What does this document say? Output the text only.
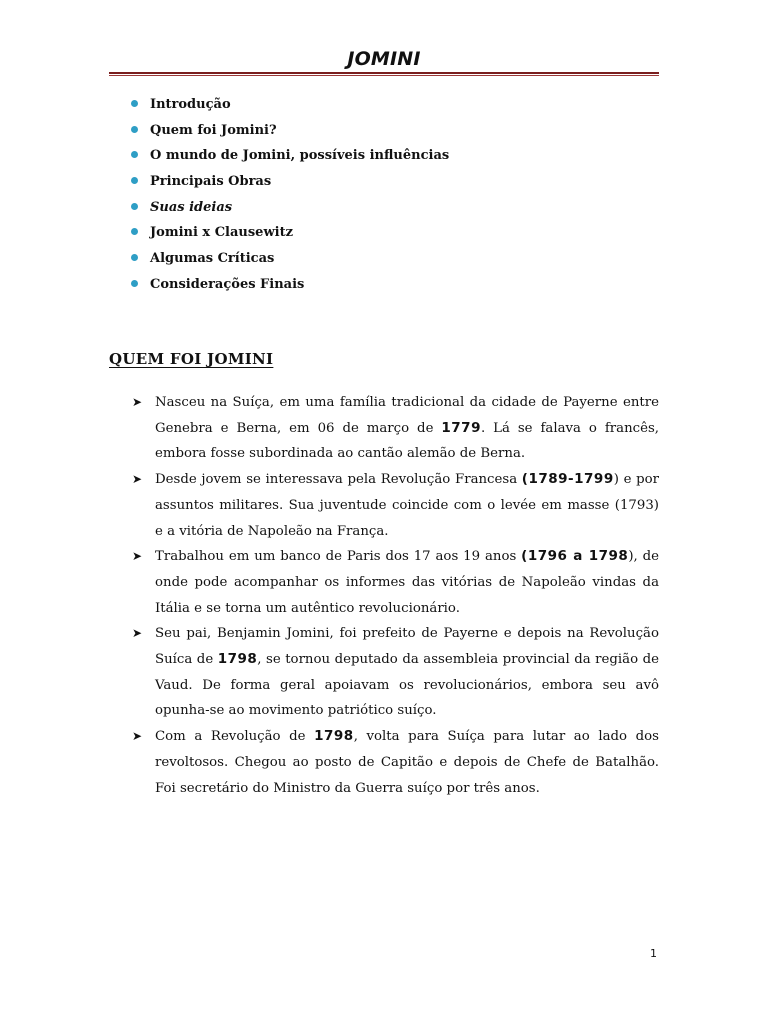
JOMINI
Introdução
Quem foi Jomini?
O mundo de Jomini, possíveis influências
Principais Obras
Suas ideias
Jomini x Clausewitz
Algumas Críticas
Considerações Finais
QUEM FOI JOMINI
➤ Nasceu na Suíça, em uma família tradicional da cidade de Payerne entre Genebra e Berna, em 06 de março de 1779. Lá se falava o francês, embora fosse subordinada ao cantão alemão de Berna.
➤ Desde jovem se interessava pela Revolução Francesa (1789-1799) e por assuntos militares. Sua juventude coincide com o levée em masse (1793) e a vitória de Napoleão na França.
➤ Trabalhou em um banco de Paris dos 17 aos 19 anos (1796 a 1798), de onde pode acompanhar os informes das vitórias de Napoleão vindas da Itália e se torna um autêntico revolucionário.
➤ Seu pai, Benjamin Jomini, foi prefeito de Payerne e depois na Revolução Suíca de 1798, se tornou deputado da assembleia provincial da região de Vaud. De forma geral apoiavam os revolucionários, embora seu avô opunha-se ao movimento patriótico suíço.
➤ Com a Revolução de 1798, volta para Suíça para lutar ao lado dos revoltosos. Chegou ao posto de Capitão e depois de Chefe de Batalhão. Foi secretário do Ministro da Guerra suíço por três anos.
1
